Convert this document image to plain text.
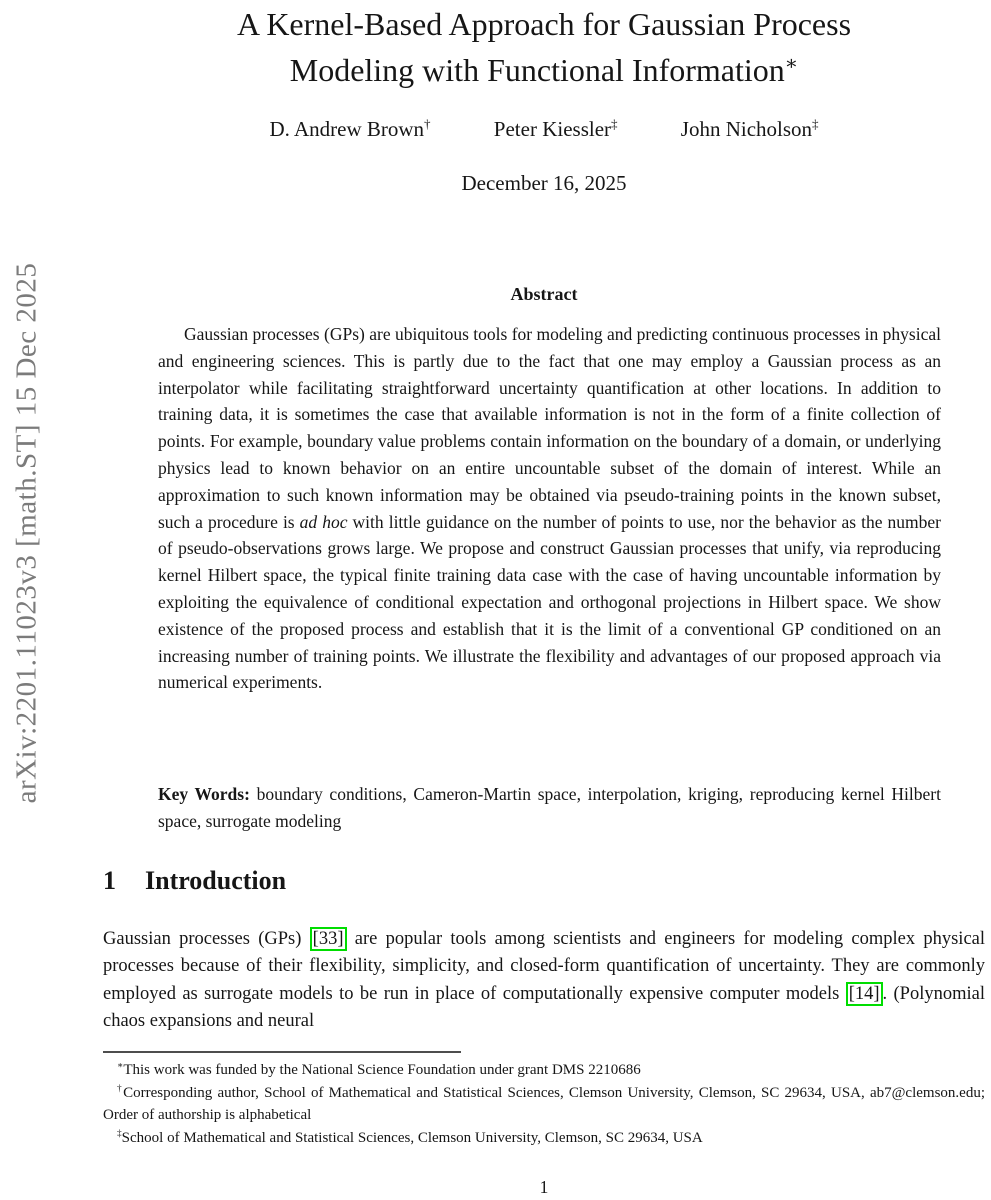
arXiv:2201.11023v3 [math.ST] 15 Dec 2025
A Kernel-Based Approach for Gaussian Process
Modeling with Functional Information∗
D. Andrew Brown†	Peter Kiessler‡	John Nicholson‡
December 16, 2025
Abstract

Gaussian processes (GPs) are ubiquitous tools for modeling and predicting continuous processes in physical and engineering sciences. This is partly due to the fact that one may employ a Gaussian process as an interpolator while facilitating straightforward uncertainty quantification at other locations. In addition to training data, it is sometimes the case that available information is not in the form of a finite collection of points. For example, boundary value problems contain information on the boundary of a domain, or underlying physics lead to known behavior on an entire uncountable subset of the domain of interest. While an approximation to such known information may be obtained via pseudo-training points in the known subset, such a procedure is ad hoc with little guidance on the number of points to use, nor the behavior as the number of pseudo-observations grows large. We propose and construct Gaussian processes that unify, via reproducing kernel Hilbert space, the typical finite training data case with the case of having uncountable information by exploiting the equivalence of conditional expectation and orthogonal projections in Hilbert space. We show existence of the proposed process and establish that it is the limit of a conventional GP conditioned on an increasing number of training points. We illustrate the flexibility and advantages of our proposed approach via numerical experiments.

Key Words: boundary conditions, Cameron-Martin space, interpolation, kriging, reproducing kernel Hilbert space, surrogate modeling

1 Introduction

Gaussian processes (GPs) [33] are popular tools among scientists and engineers for modeling complex physical processes because of their flexibility, simplicity, and closed-form quantification of uncertainty. They are commonly employed as surrogate models to be run in place of computationally expensive computer models [14] . (Polynomial chaos expansions and neural

∗This work was funded by the National Science Foundation under grant DMS 2210686

†Corresponding author, School of Mathematical and Statistical Sciences, Clemson University, Clemson, SC 29634, USA, ab7@clemson.edu; Order of authorship is alphabetical

‡School of Mathematical and Statistical Sciences, Clemson University, Clemson, SC 29634, USA

1
